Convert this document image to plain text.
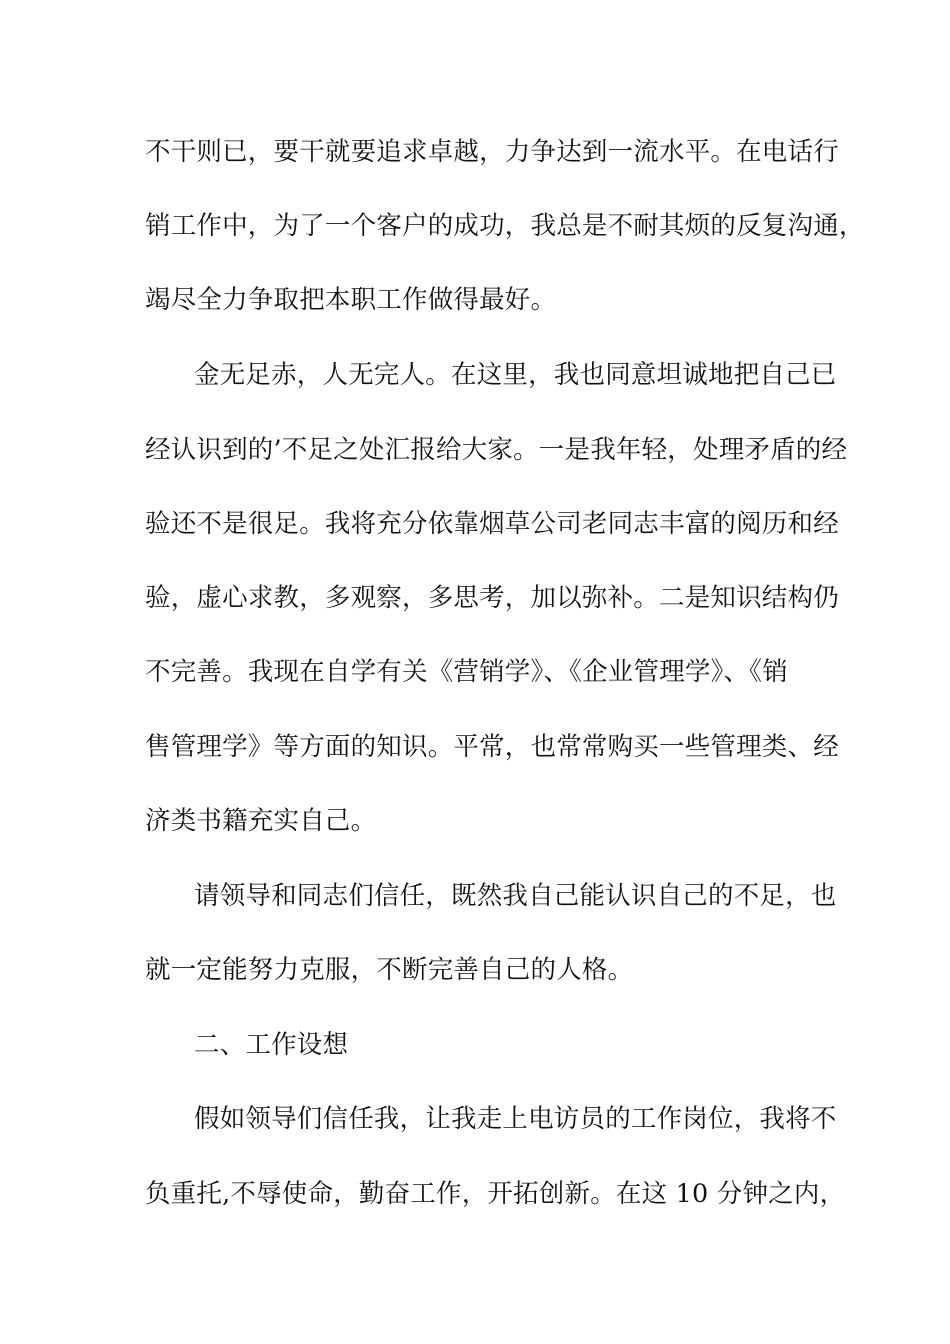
不干则已，要干就要追求卓越，力争达到一流水平。在电话行
销工作中，为了一个客户的成功，我总是不耐其烦的反复沟通，
竭尽全力争取把本职工作做得最好。
金无足赤，人无完人。在这里，我也同意坦诚地把自己已
经认识到的’不足之处汇报给大家。一是我年轻，处理矛盾的经
验还不是很足。我将充分依靠烟草公司老同志丰富的阅历和经
验，虚心求教，多观察，多思考，加以弥补。二是知识结构仍
不完善。我现在自学有关《营销学》、《企业管理学》、《销
售管理学》等方面的知识。平常，也常常购买一些管理类、经
济类书籍充实自己。
请领导和同志们信任，既然我自己能认识自己的不足，也
就一定能努力克服，不断完善自己的人格。
二、工作设想
假如领导们信任我，让我走上电访员的工作岗位，我将不
负重托,不辱使命，勤奋工作，开拓创新。在这 10 分钟之内，
